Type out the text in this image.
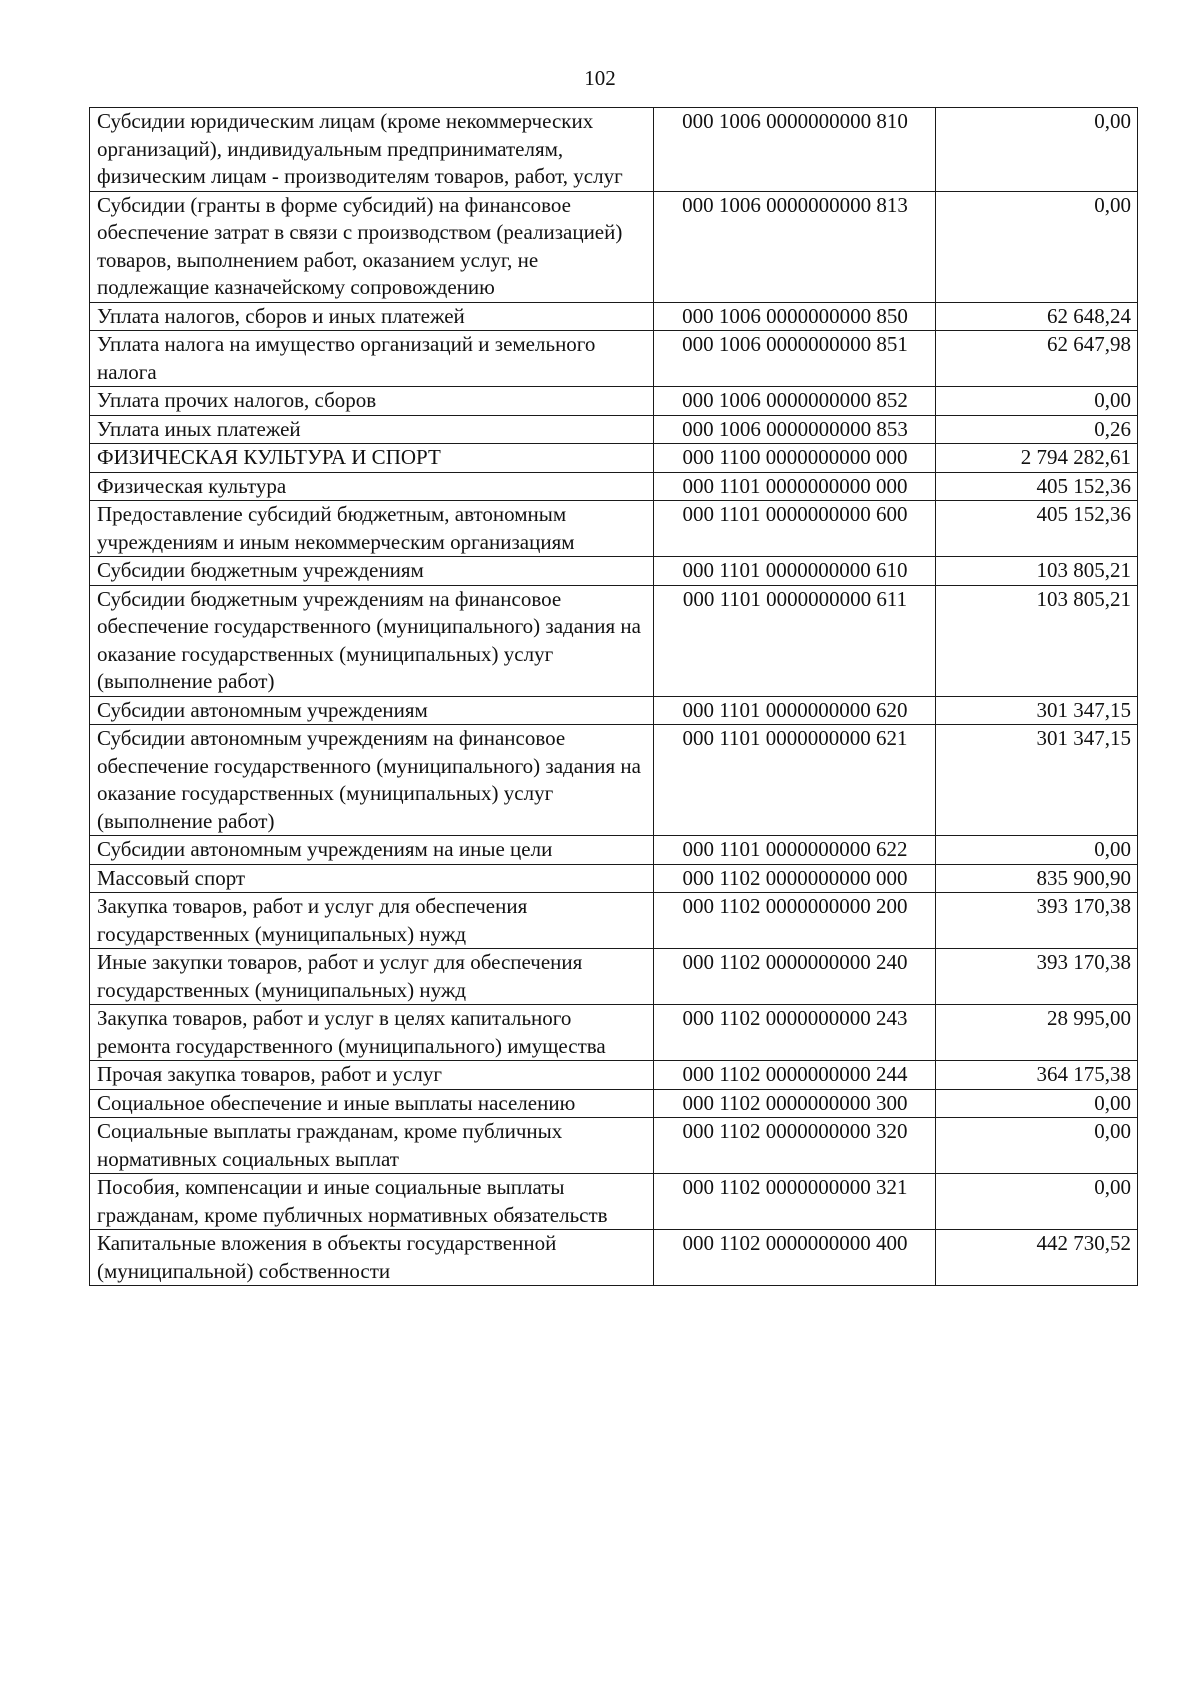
102
Субсидии юридическим лицам (кроме некоммерческих организаций), индивидуальным предпринимателям, физическим лицам - производителям товаров, работ, услуг	000 1006 0000000000 810	0,00
Субсидии (гранты в форме субсидий) на финансовое обеспечение затрат в связи с производством (реализацией) товаров, выполнением работ, оказанием услуг, не подлежащие казначейскому сопровождению	000 1006 0000000000 813	0,00
Уплата налогов, сборов и иных платежей	000 1006 0000000000 850	62 648,24
Уплата налога на имущество организаций и земельного налога	000 1006 0000000000 851	62 647,98
Уплата прочих налогов, сборов	000 1006 0000000000 852	0,00
Уплата иных платежей	000 1006 0000000000 853	0,26
ФИЗИЧЕСКАЯ КУЛЬТУРА И СПОРТ	000 1100 0000000000 000	2 794 282,61
Физическая культура	000 1101 0000000000 000	405 152,36
Предоставление субсидий бюджетным, автономным учреждениям и иным некоммерческим организациям	000 1101 0000000000 600	405 152,36
Субсидии бюджетным учреждениям	000 1101 0000000000 610	103 805,21
Субсидии бюджетным учреждениям на финансовое обеспечение государственного (муниципального) задания на оказание государственных (муниципальных) услуг (выполнение работ)	000 1101 0000000000 611	103 805,21
Субсидии автономным учреждениям	000 1101 0000000000 620	301 347,15
Субсидии автономным учреждениям на финансовое обеспечение государственного (муниципального) задания на оказание государственных (муниципальных) услуг (выполнение работ)	000 1101 0000000000 621	301 347,15
Субсидии автономным учреждениям на иные цели	000 1101 0000000000 622	0,00
Массовый спорт	000 1102 0000000000 000	835 900,90
Закупка товаров, работ и услуг для обеспечения государственных (муниципальных) нужд	000 1102 0000000000 200	393 170,38
Иные закупки товаров, работ и услуг для обеспечения государственных (муниципальных) нужд	000 1102 0000000000 240	393 170,38
Закупка товаров, работ и услуг в целях капитального ремонта государственного (муниципального) имущества	000 1102 0000000000 243	28 995,00
Прочая закупка товаров, работ и услуг	000 1102 0000000000 244	364 175,38
Социальное обеспечение и иные выплаты населению	000 1102 0000000000 300	0,00
Социальные выплаты гражданам, кроме публичных нормативных социальных выплат	000 1102 0000000000 320	0,00
Пособия, компенсации и иные социальные выплаты гражданам, кроме публичных нормативных обязательств	000 1102 0000000000 321	0,00
Капитальные вложения в объекты государственной (муниципальной) собственности	000 1102 0000000000 400	442 730,52
